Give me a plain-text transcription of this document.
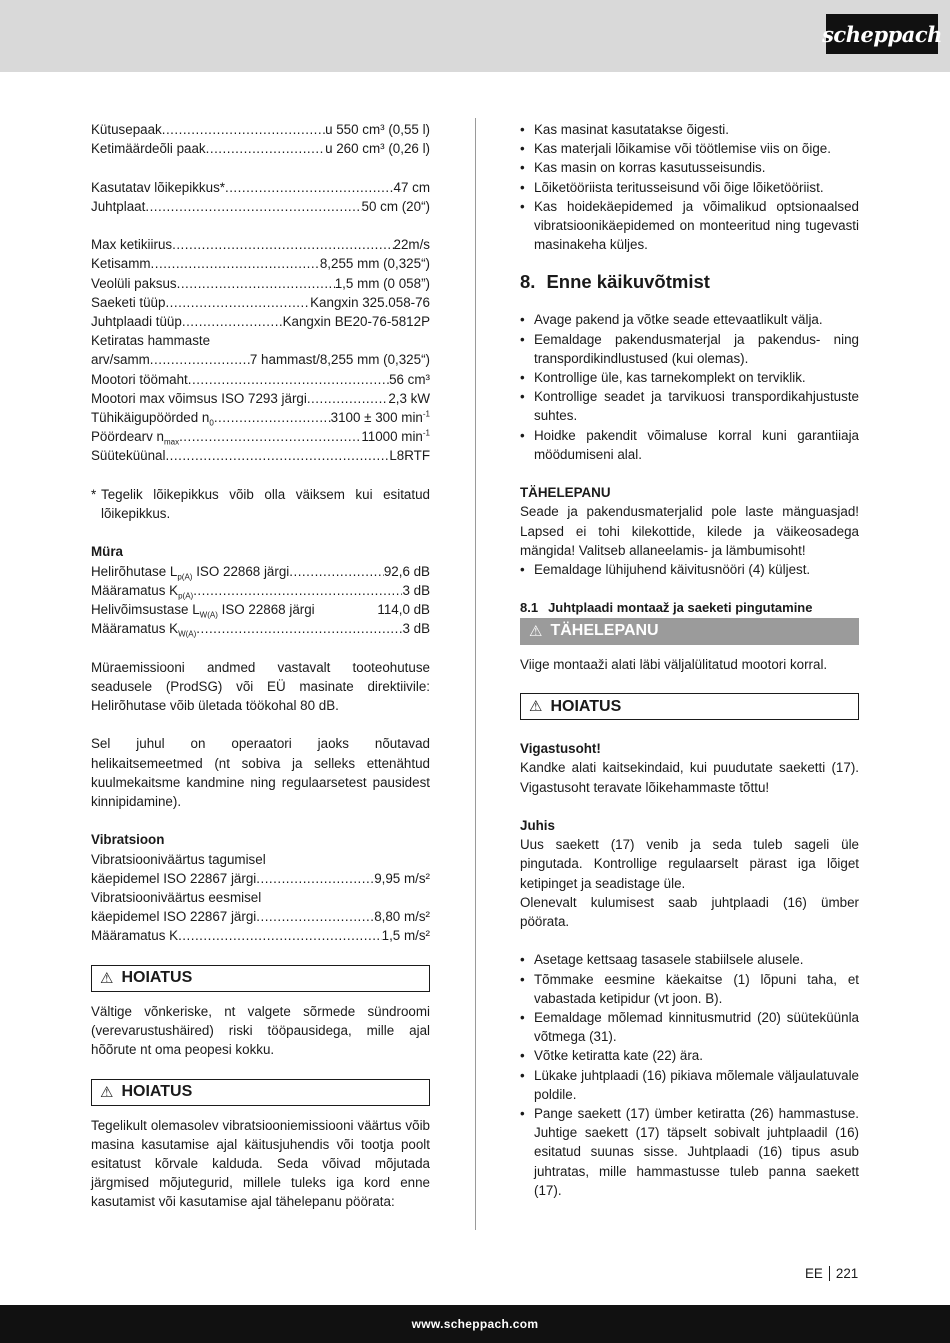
scheppach
Kütusepaak .....	u 550 cm³ (0,55 l)
Ketimäärdeõli paak .....	u 260 cm³ (0,26 l)
Kasutatav lõikepikkus* .....	47 cm
Juhtplaat .....	50 cm (20“)
Max ketikiirus .....	22m/s
Ketisamm .....	8,255 mm (0,325“)
Veolüli paksus .....	1,5 mm (0 058”)
Saeketi tüüp .....	Kangxin 325.058-76
Juhtplaadi tüüp .....	Kangxin BE20-76-5812P
Ketiratas hammaste
arv/samm .....	7 hammast/8,255 mm (0,325“)
Mootori töömaht .....	56 cm³
Mootori max võimsus ISO 7293 järgi .....	2,3 kW
Tühikäigupöörded $n_0$ .....	3100 ± 300 $\min^{-1}$
Pöördearv $n_{max}$ .....	11000 $\min^{-1}$
Süüteküünal .....	L8RTF
* Tegelik lõikepikkus võib olla väiksem kui esitatud lõikepikkus.
Müra
Helirõhutase $L_{p(A)}$ ISO 22868 järgi .....	92,6 dB
Määramatus $K_{p(A)}$ .....	3 dB
Helivõimsustase $L_{W(A)}$ ISO 22868 järgi	114,0 dB
Määramatus $K_{W(A)}$ .....	3 dB
Müraemissiooni andmed vastavalt tooteohutuse seadusele (ProdSG) või EÜ masinate direktiivile: Helirõhutase võib ületada töökohal 80 dB.
Sel juhul on operaatori jaoks nõutavad helikaitsemeetmed (nt sobiva ja selleks ettenähtud kuulmekaitsme kandmine ning regulaarsetest pausidest kinnipidamine).
Vibratsioon
Vibratsiooniväärtus tagumisel
käepidemel ISO 22867 järgi .....	9,95 m/s²
Vibratsiooniväärtus eesmisel
käepidemel ISO 22867 järgi .....	8,80 m/s²
Määramatus K .....	1,5 m/s²
⚠ HOIATUS
Vältige võnkeriske, nt valgete sõrmede sündroomi (verevarustushäired) riski tööpausidega, mille ajal hõõrute nt oma peopesi kokku.
⚠ HOIATUS
Tegelikult olemasolev vibratsiooniemissiooni väärtus võib masina kasutamise ajal käitusjuhendis või tootja poolt esitatust kõrvale kalduda. Seda võivad mõjutada järgmised mõjutegurid, millele tuleks iga kord enne kasutamist või kasutamise ajal tähelepanu pöörata:
• Kas masinat kasutatakse õigesti.
• Kas materjali lõikamise või töötlemise viis on õige.
• Kas masin on korras kasutusseisundis.
• Lõiketööriista teritusseisund või õige lõiketööriist.
• Kas hoidekäepidemed ja võimalikud optsionaalsed vibratsioonikäepidemed on monteeritud ning tugevasti masinakeha küljes.
8. Enne käikuvõtmist
• Avage pakend ja võtke seade ettevaatlikult välja.
• Eemaldage pakendusmaterjal ja pakendus- ning transpordikindlustused (kui olemas).
• Kontrollige üle, kas tarnekomplekt on terviklik.
• Kontrollige seadet ja tarvikuosi transpordikahjustuste suhtes.
• Hoidke pakendit võimaluse korral kuni garantiiaja möödumiseni alal.
TÄHELEPANU
Seade ja pakendusmaterjalid pole laste mänguasjad! Lapsed ei tohi kilekottide, kilede ja väikeosadega mängida! Valitseb allaneelamis- ja lämbumisoht!
• Eemaldage lühijuhend käivitusnööri (4) küljest.
8.1 Juhtplaadi montaaž ja saeketi pingutamine
⚠ TÄHELEPANU
Viige montaaži alati läbi väljalülitatud mootori korral.
⚠ HOIATUS
Vigastusoht!
Kandke alati kaitsekindaid, kui puudutate saeketti (17). Vigastusoht teravate lõikehammaste tõttu!
Juhis
Uus saekett (17) venib ja seda tuleb sageli üle pingutada. Kontrollige regulaarselt pärast iga lõiget ketipinget ja seadistage üle.
Olenevalt kulumisest saab juhtplaadi (16) ümber pöörata.
• Asetage kettsaag tasasele stabiilsele alusele.
• Tõmmake eesmine käekaitse (1) lõpuni taha, et vabastada ketipidur (vt joon. B).
• Eemaldage mõlemad kinnitusmutrid (20) süüteküünla võtmega (31).
• Võtke ketiratta kate (22) ära.
• Lükake juhtplaadi (16) pikiava mõlemale väljaulatuvale poldile.
• Pange saekett (17) ümber ketiratta (26) hammastuse. Juhtige saekett (17) täpselt sobivalt juhtplaadil (16) esitatud suunas sisse. Juhtplaadi (16) tipus asub juhtratas, mille hammastusse tuleb panna saekett (17).
EE 221
www.scheppach.com
